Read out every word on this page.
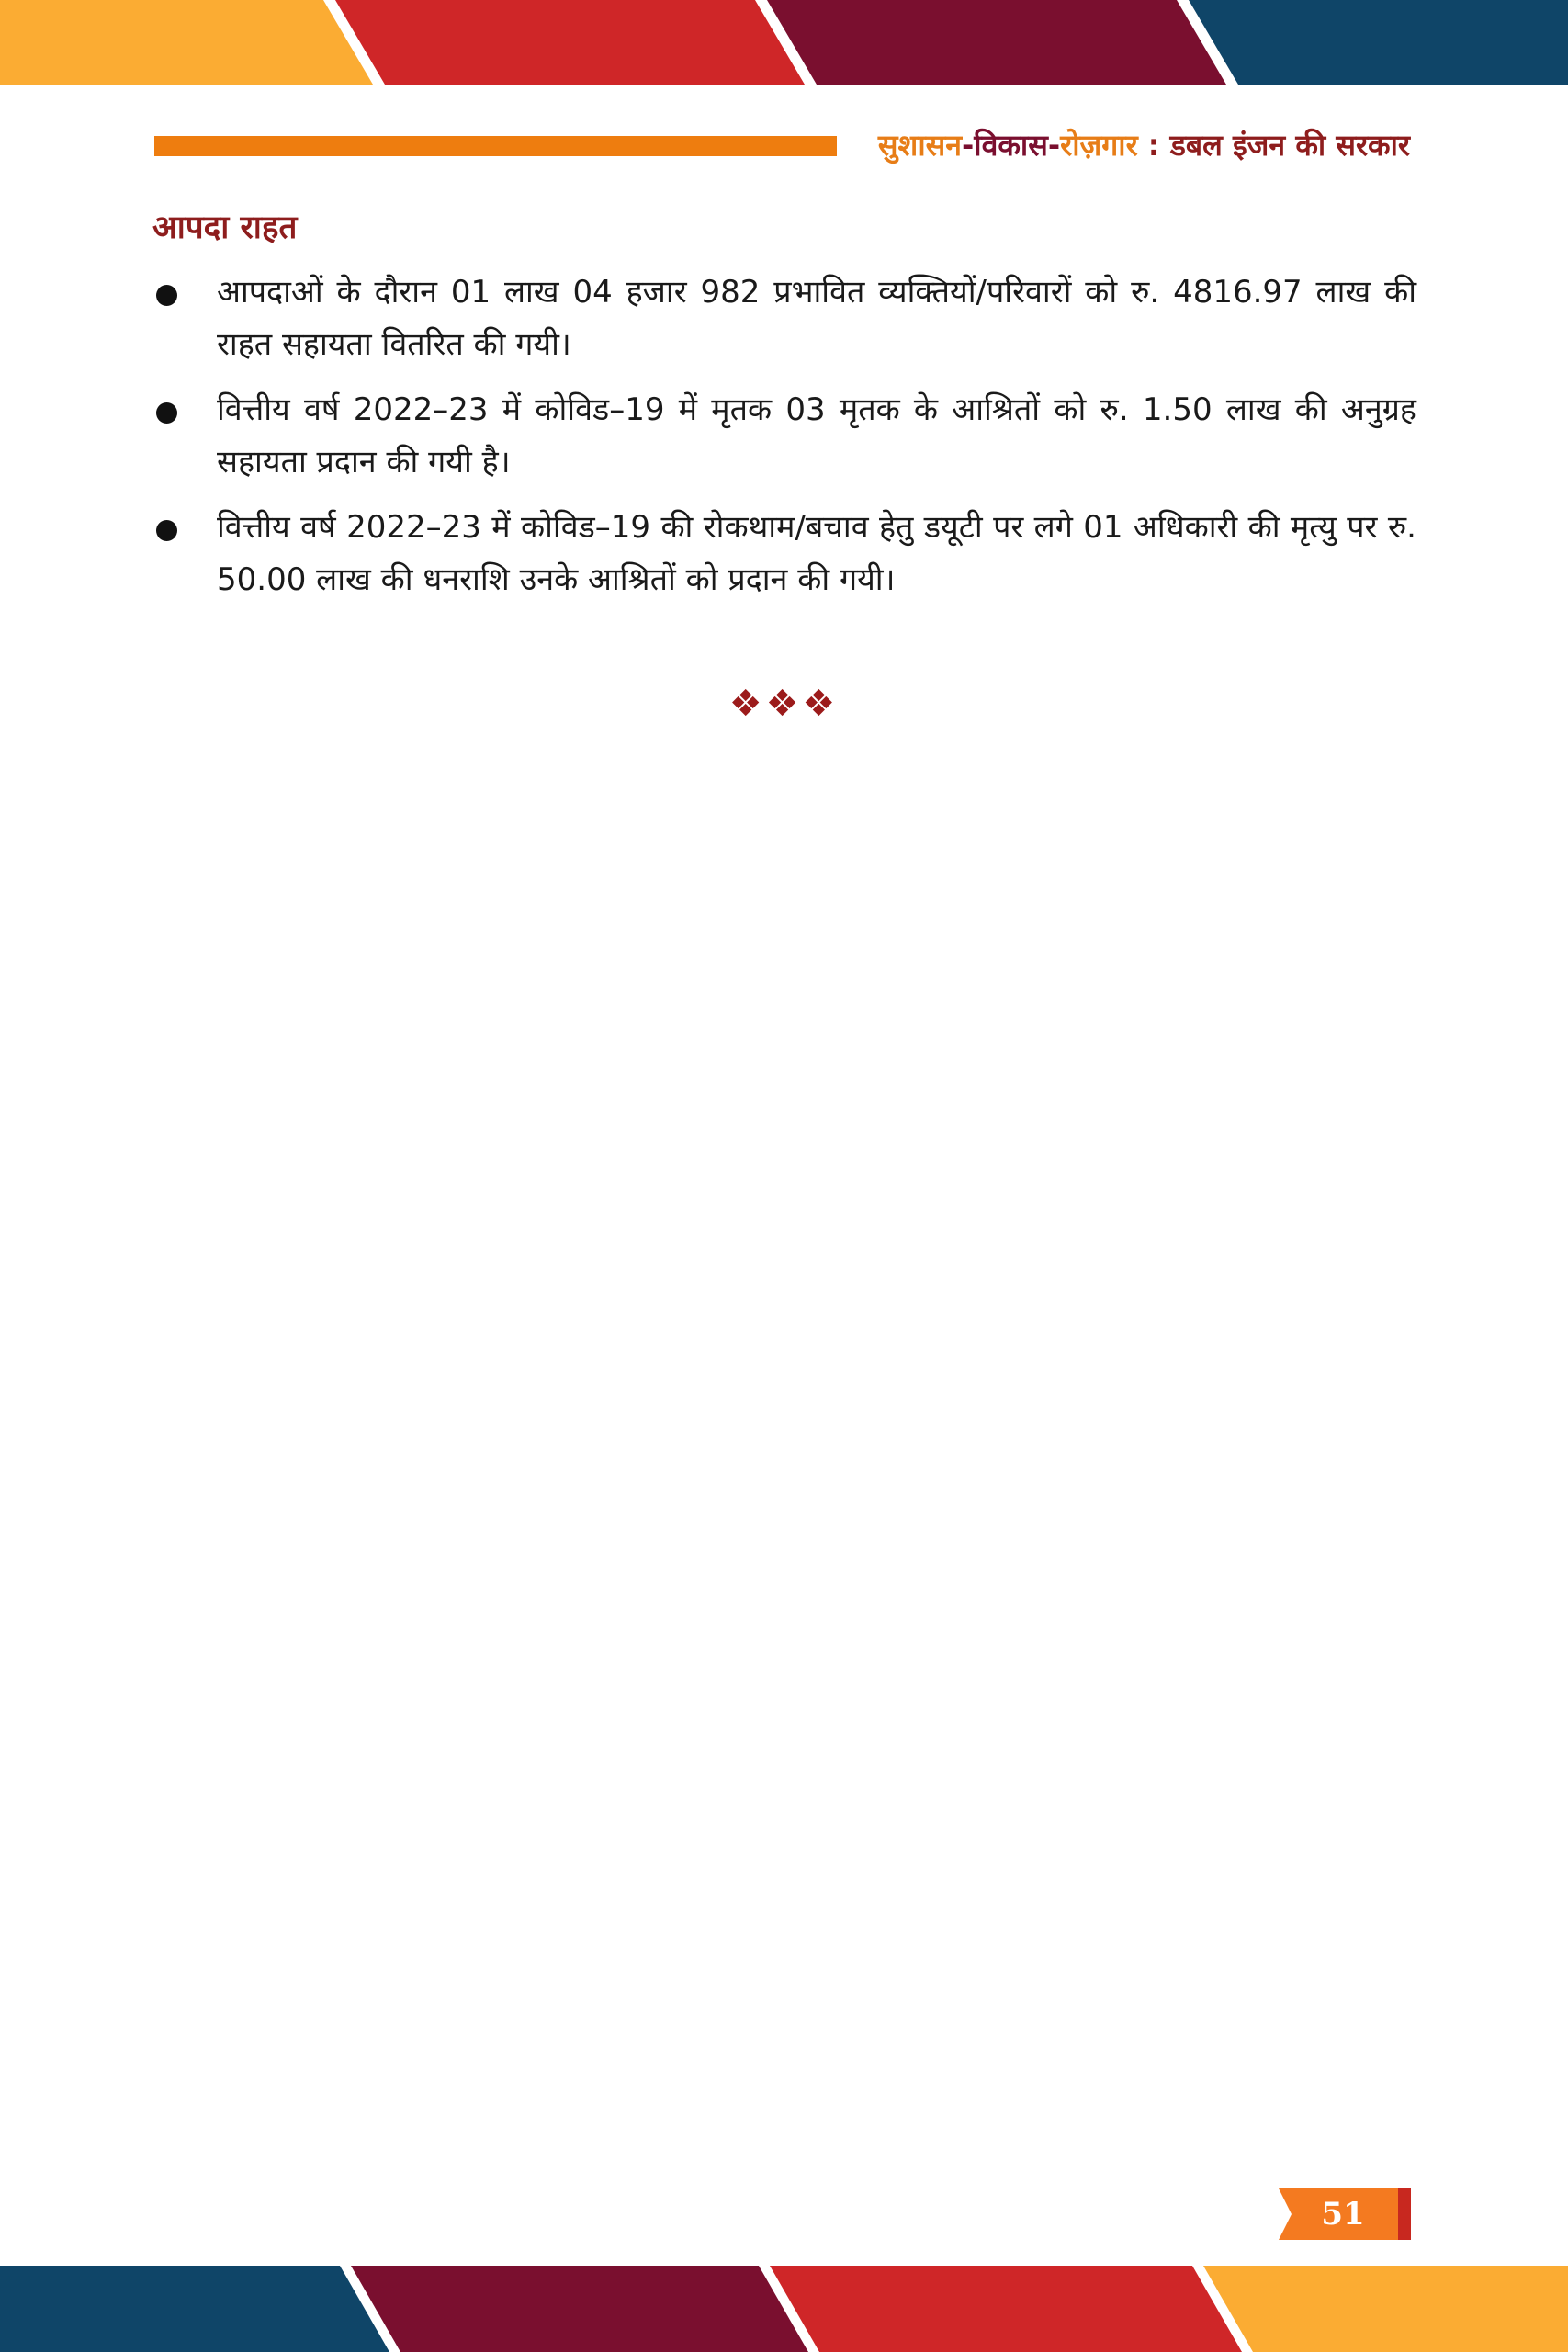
सुशासन-विकास-रोज़गार : डबल इंजन की सरकार
आपदा राहत
आपदाओं के दौरान 01 लाख 04 हजार 982 प्रभावित व्यक्तियों/परिवारों को रु. 4816.97 लाख की राहत सहायता वितरित की गयी।
वित्तीय वर्ष 2022–23 में कोविड–19 में मृतक 03 मृतक के आश्रितों को रु. 1.50 लाख की अनुग्रह सहायता प्रदान की गयी है।
वित्तीय वर्ष 2022–23 में कोविड–19 की रोकथाम/बचाव हेतु डयूटी पर लगे 01 अधिकारी की मृत्यु पर रु. 50.00 लाख की धनराशि उनके आश्रितों को प्रदान की गयी।
❖❖❖
51
